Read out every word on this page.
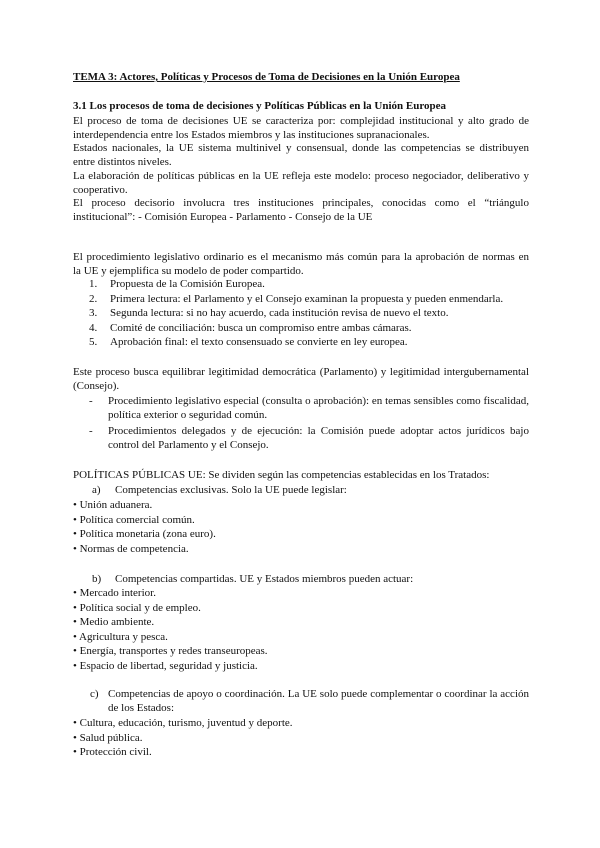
TEMA 3: Actores, Políticas y Procesos de Toma de Decisiones en la Unión Europea
3.1 Los procesos de toma de decisiones y Políticas Públicas en la Unión Europea
El proceso de toma de decisiones UE se caracteriza por: complejidad institucional y alto grado de
interdependencia entre los Estados miembros y las instituciones supranacionales.
Estados nacionales, la UE sistema multinivel y consensual, donde las competencias se distribuyen
entre distintos niveles.
La elaboración de políticas públicas en la UE refleja este modelo: proceso negociador, deliberativo y
cooperativo.
El proceso decisorio involucra tres instituciones principales, conocidas como el “triángulo
institucional”: - Comisión Europea - Parlamento - Consejo de la UE
El procedimiento legislativo ordinario es el mecanismo más común para la aprobación de normas en
la UE y ejemplifica su modelo de poder compartido.
1. Propuesta de la Comisión Europea.
2. Primera lectura: el Parlamento y el Consejo examinan la propuesta y pueden enmendarla.
3. Segunda lectura: si no hay acuerdo, cada institución revisa de nuevo el texto.
4. Comité de conciliación: busca un compromiso entre ambas cámaras.
5. Aprobación final: el texto consensuado se convierte en ley europea.
Este proceso busca equilibrar legitimidad democrática (Parlamento) y legitimidad intergubernamental
(Consejo).
- Procedimiento legislativo especial (consulta o aprobación): en temas sensibles como fiscalidad, política exterior o seguridad común.
- Procedimientos delegados y de ejecución: la Comisión puede adoptar actos jurídicos bajo control del Parlamento y el Consejo.
POLÍTICAS PÚBLICAS UE: Se dividen según las competencias establecidas en los Tratados:
a) Competencias exclusivas. Solo la UE puede legislar:
• Unión aduanera.
• Política comercial común.
• Política monetaria (zona euro).
• Normas de competencia.
b) Competencias compartidas. UE y Estados miembros pueden actuar:
• Mercado interior.
• Política social y de empleo.
• Medio ambiente.
• Agricultura y pesca.
• Energía, transportes y redes transeuropeas.
• Espacio de libertad, seguridad y justicia.
c) Competencias de apoyo o coordinación. La UE solo puede complementar o coordinar la acción de los Estados:
• Cultura, educación, turismo, juventud y deporte.
• Salud pública.
• Protección civil.
